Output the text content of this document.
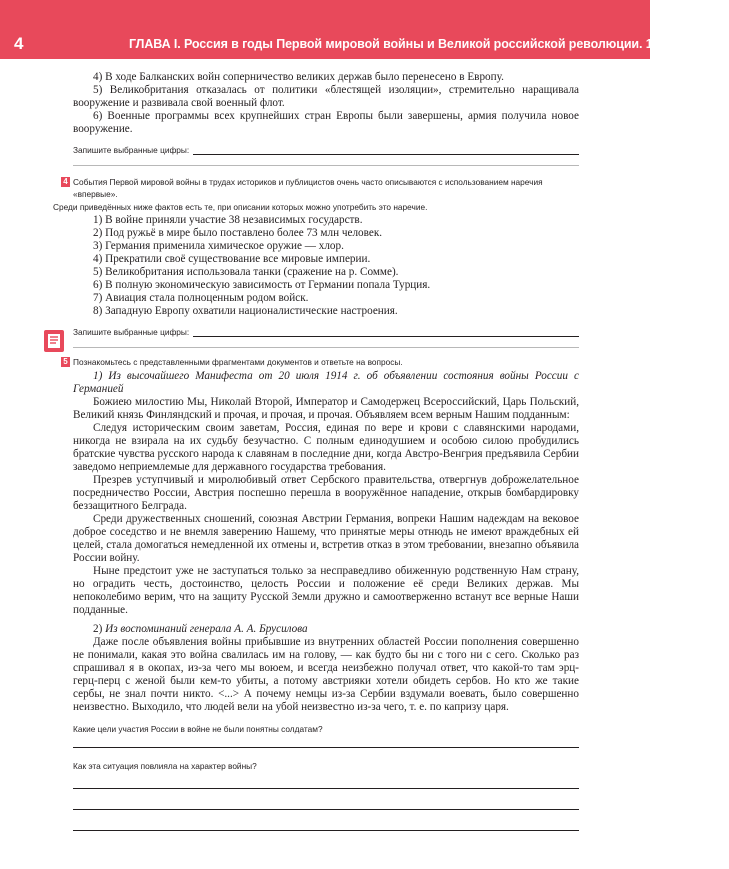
4	ГЛАВА I. Россия в годы Первой мировой войны и Великой российской революции. 1914—1922 гг.

4) В ходе Балканских войн соперничество великих держав было перенесено в Европу.

5) Великобритания отказалась от политики «блестящей изоляции», стремительно наращивала вооружение и развивала свой военный флот.

6) Военные программы всех крупнейших стран Европы были завершены, армия получила новое вооружение.

Запишите выбранные цифры:
4 События Первой мировой войны в трудах историков и публицистов очень часто описываются с использованием наречия «впервые».

Среди приведённых ниже фактов есть те, при описании которых можно употребить это наречие.

1) В войне приняли участие 38 независимых государств.

2) Под ружьё в мире было поставлено более 73 млн человек.

3) Германия применила химическое оружие — хлор.

4) Прекратили своё существование все мировые империи.

5) Великобритания использовала танки (сражение на р. Сомме).

6) В полную экономическую зависимость от Германии попала Турция.

7) Авиация стала полноценным родом войск.

8) Западную Европу охватили националистические настроения.

Запишите выбранные цифры:
5 Познакомьтесь с представленными фрагментами документов и ответьте на вопросы.

1) Из высочайшего Манифеста от 20 июля 1914 г. об объявлении состояния войны России с Германией

Божиею милостию Мы, Николай Второй, Император и Самодержец Всероссийский, Царь Польский, Великий князь Финляндский и прочая, и прочая, и прочая. Объявляем всем верным Нашим подданным:

Следуя историческим своим заветам, Россия, единая по вере и крови с славянскими народами, никогда не взирала на их судьбу безучастно. С полным единодушием и особою силою пробудились братские чувства русского народа к славянам в последние дни, когда Австро-Венгрия предъявила Сербии заведомо неприемлемые для державного государства требования.

Презрев уступчивый и миролюбивый ответ Сербского правительства, отвергнув доброжелательное посредничество России, Австрия поспешно перешла в вооружённое нападение, открыв бомбардировку беззащитного Белграда.

Среди дружественных сношений, союзная Австрии Германия, вопреки Нашим надеждам на вековое доброе соседство и не внемля заверению Нашему, что принятые меры отнюдь не имеют враждебных ей целей, стала домогаться немедленной их отмены и, встретив отказ в этом требовании, внезапно объявила России войну.

Ныне предстоит уже не заступаться только за несправедливо обиженную родственную Нам страну, но оградить честь, достоинство, целость России и положение её среди Великих держав. Мы непоколебимо верим, что на защиту Русской Земли дружно и самоотверженно встанут все верные Наши подданные.

2) Из воспоминаний генерала А. А. Брусилова

Даже после объявления войны прибывшие из внутренних областей России пополнения совершенно не понимали, какая это война свалилась им на голову, — как будто бы ни с того ни с сего. Сколько раз спрашивал я в окопах, из-за чего мы воюем, и всегда неизбежно получал ответ, что какой-то там эрц-герц-перц с женой были кем-то убиты, а потому австрияки хотели обидеть сербов. Но кто же такие сербы, не знал почти никто. <...> А почему немцы из-за Сербии вздумали воевать, было совершенно неизвестно. Выходило, что людей вели на убой неизвестно из-за чего, т. е. по капризу царя.

Какие цели участия России в войне не были понятны солдатам?

Как эта ситуация повлияла на характер войны?
